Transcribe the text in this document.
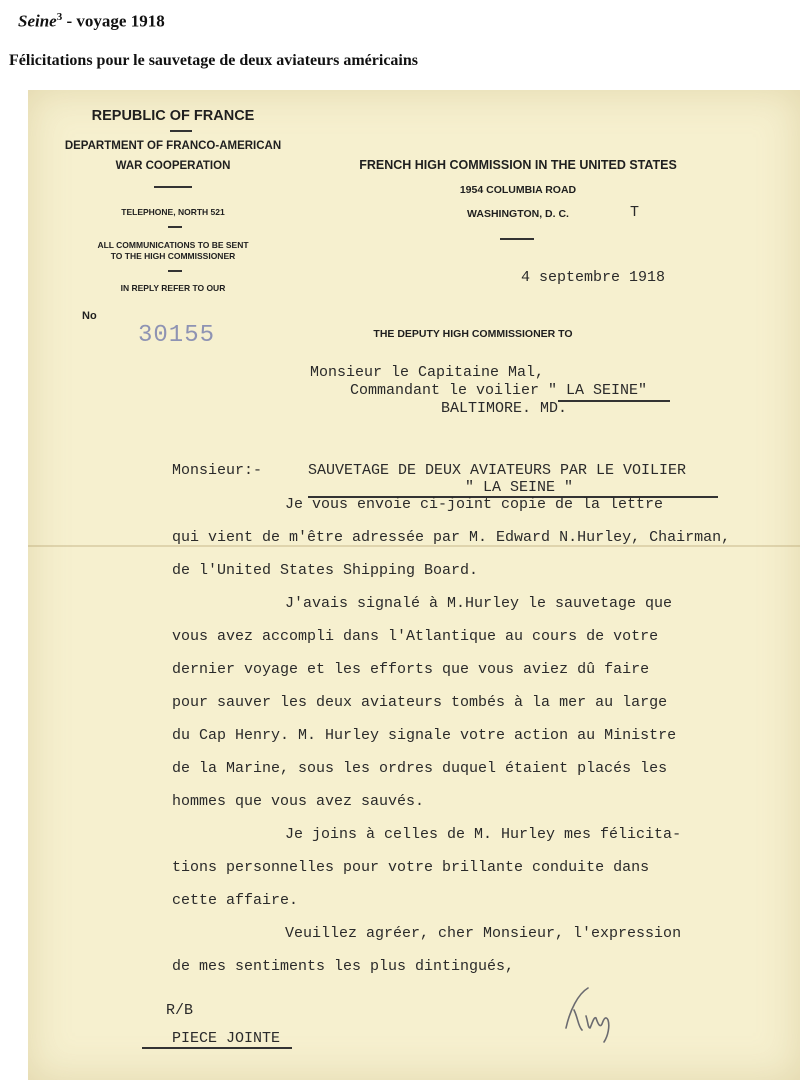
Seine$^3$ - voyage 1918
Félicitations pour le sauvetage de deux aviateurs américains
REPUBLIC OF FRANCE
DEPARTMENT OF FRANCO-AMERICAN
WAR COOPERATION
TELEPHONE, NORTH 521
ALL COMMUNICATIONS TO BE SENT
TO THE HIGH COMMISSIONER
IN REPLY REFER TO OUR
No
30155
FRENCH HIGH COMMISSION IN THE UNITED STATES
1954 COLUMBIA ROAD
WASHINGTON, D. C.	T
4 septembre 1918
THE DEPUTY HIGH COMMISSIONER TO
Monsieur le Capitaine Mal,
Commandant le voilier " LA SEINE"
BALTIMORE. MD.
Monsieur:-	SAUVETAGE DE DEUX AVIATEURS PAR LE VOILIER
" LA SEINE "
Je vous envoie ci-joint copie de la lettre
qui vient de m'être adressée par M. Edward N.Hurley, Chairman,
de l'United States Shipping Board.
J'avais signalé à M.Hurley le sauvetage que
vous avez accompli dans l'Atlantique au cours de votre
dernier voyage et les efforts que vous aviez dû faire
pour sauver les deux aviateurs tombés à la mer au large
du Cap Henry. M. Hurley signale votre action au Ministre
de la Marine, sous les ordres duquel étaient placés les
hommes que vous avez sauvés.
Je joins à celles de M. Hurley mes félicita-
tions personnelles pour votre brillante conduite dans
cette affaire.
Veuillez agréer, cher Monsieur, l'expression
de mes sentiments les plus dintingués,
R/B
PIECE JOINTE
